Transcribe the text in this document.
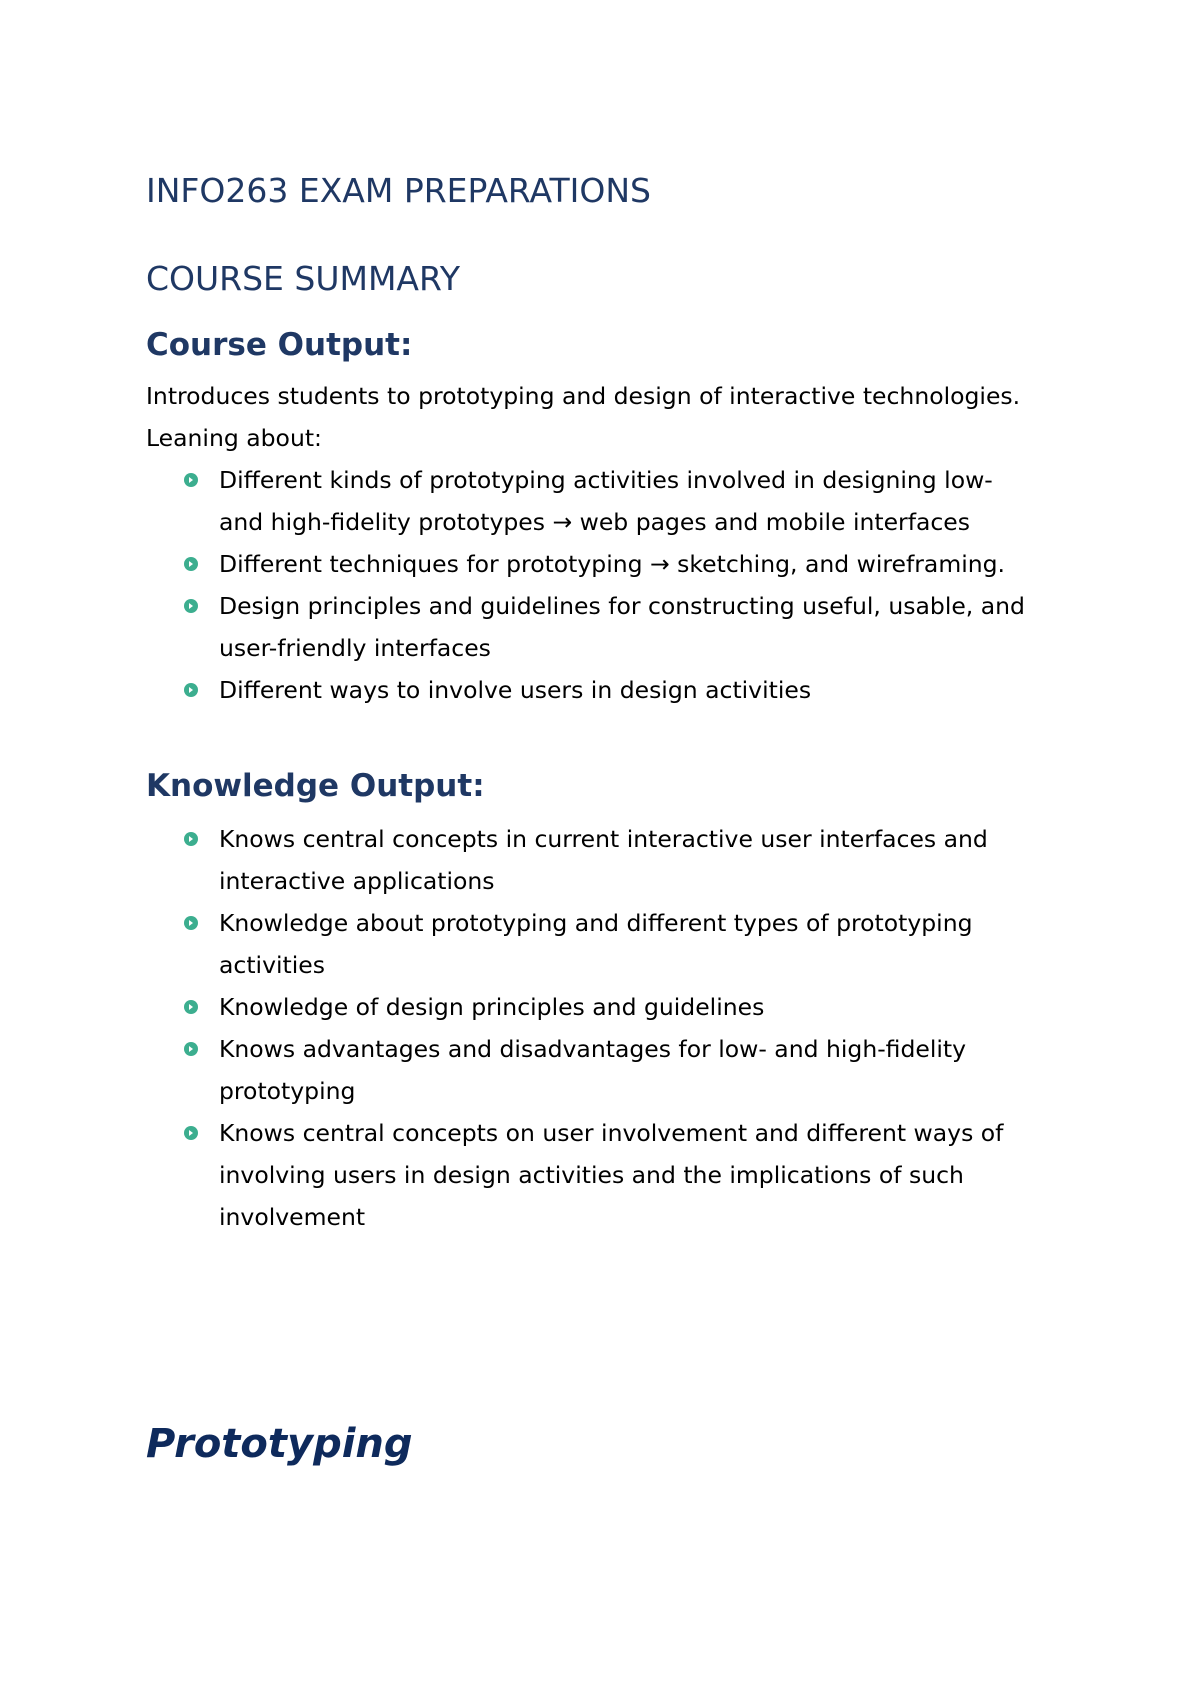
INFO263 EXAM PREPARATIONS
COURSE SUMMARY
Course Output:

Introduces students to prototyping and design of interactive technologies.

Leaning about:

Different kinds of prototyping activities involved in designing low-
and high-fidelity prototypes → web pages and mobile interfaces
Different techniques for prototyping → sketching, and wireframing.
Design principles and guidelines for constructing useful, usable, and
user-friendly interfaces
Different ways to involve users in design activities
Knowledge Output:
Knows central concepts in current interactive user interfaces and
interactive applications
Knowledge about prototyping and different types of prototyping
activities
Knowledge of design principles and guidelines
Knows advantages and disadvantages for low- and high-fidelity
prototyping
Knows central concepts on user involvement and different ways of
involving users in design activities and the implications of such
involvement
Prototyping
